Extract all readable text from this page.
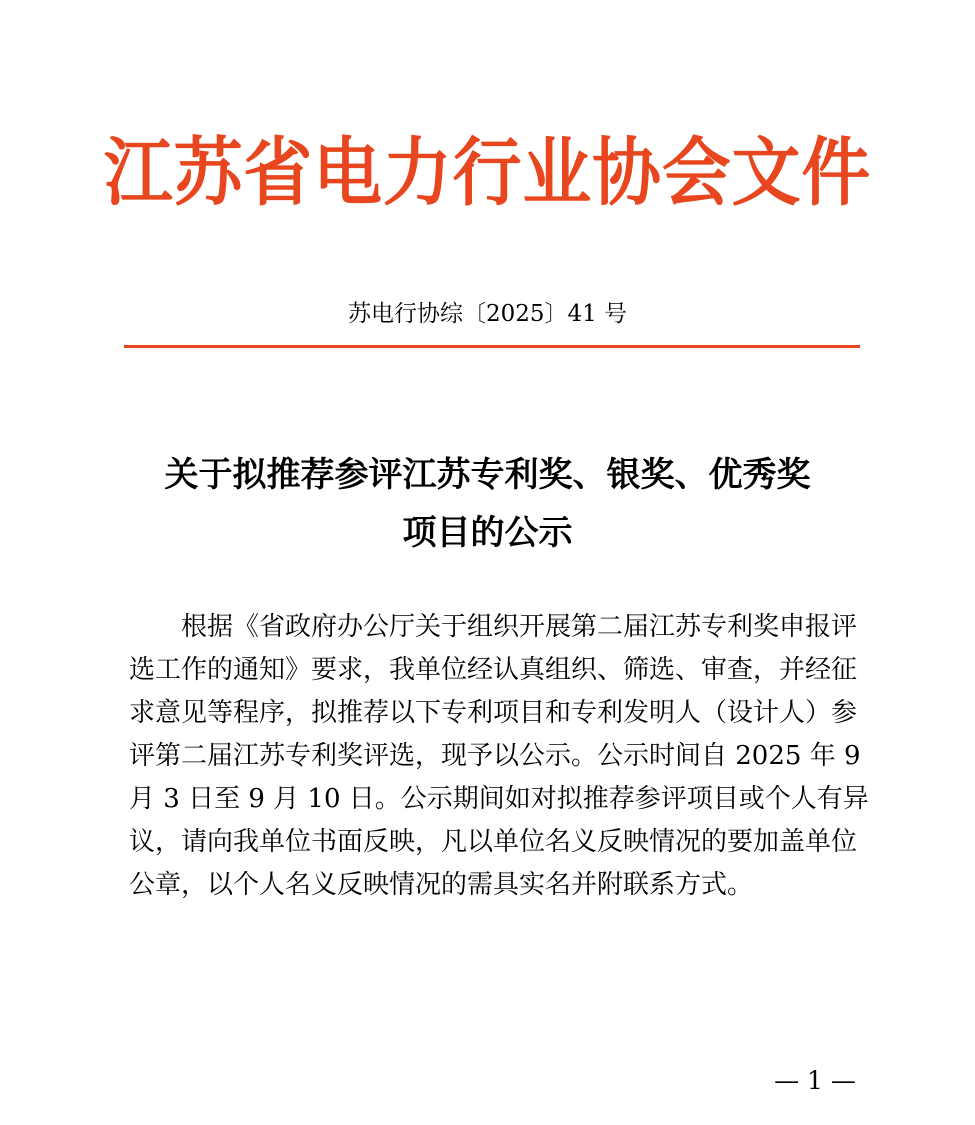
江苏省电力行业协会文件
苏电行协综〔2025〕41 号
关于拟推荐参评江苏专利奖、银奖、优秀奖
项目的公示
根据《省政府办公厅关于组织开展第二届江苏专利奖申报评
选工作的通知》要求，我单位经认真组织、筛选、审查，并经征
求意见等程序，拟推荐以下专利项目和专利发明人（设计人）参
评第二届江苏专利奖评选，现予以公示。公示时间自 2025 年 9
月 3 日至 9 月 10 日。公示期间如对拟推荐参评项目或个人有异
议，请向我单位书面反映，凡以单位名义反映情况的要加盖单位
公章，以个人名义反映情况的需具实名并附联系方式。
— 1 —
